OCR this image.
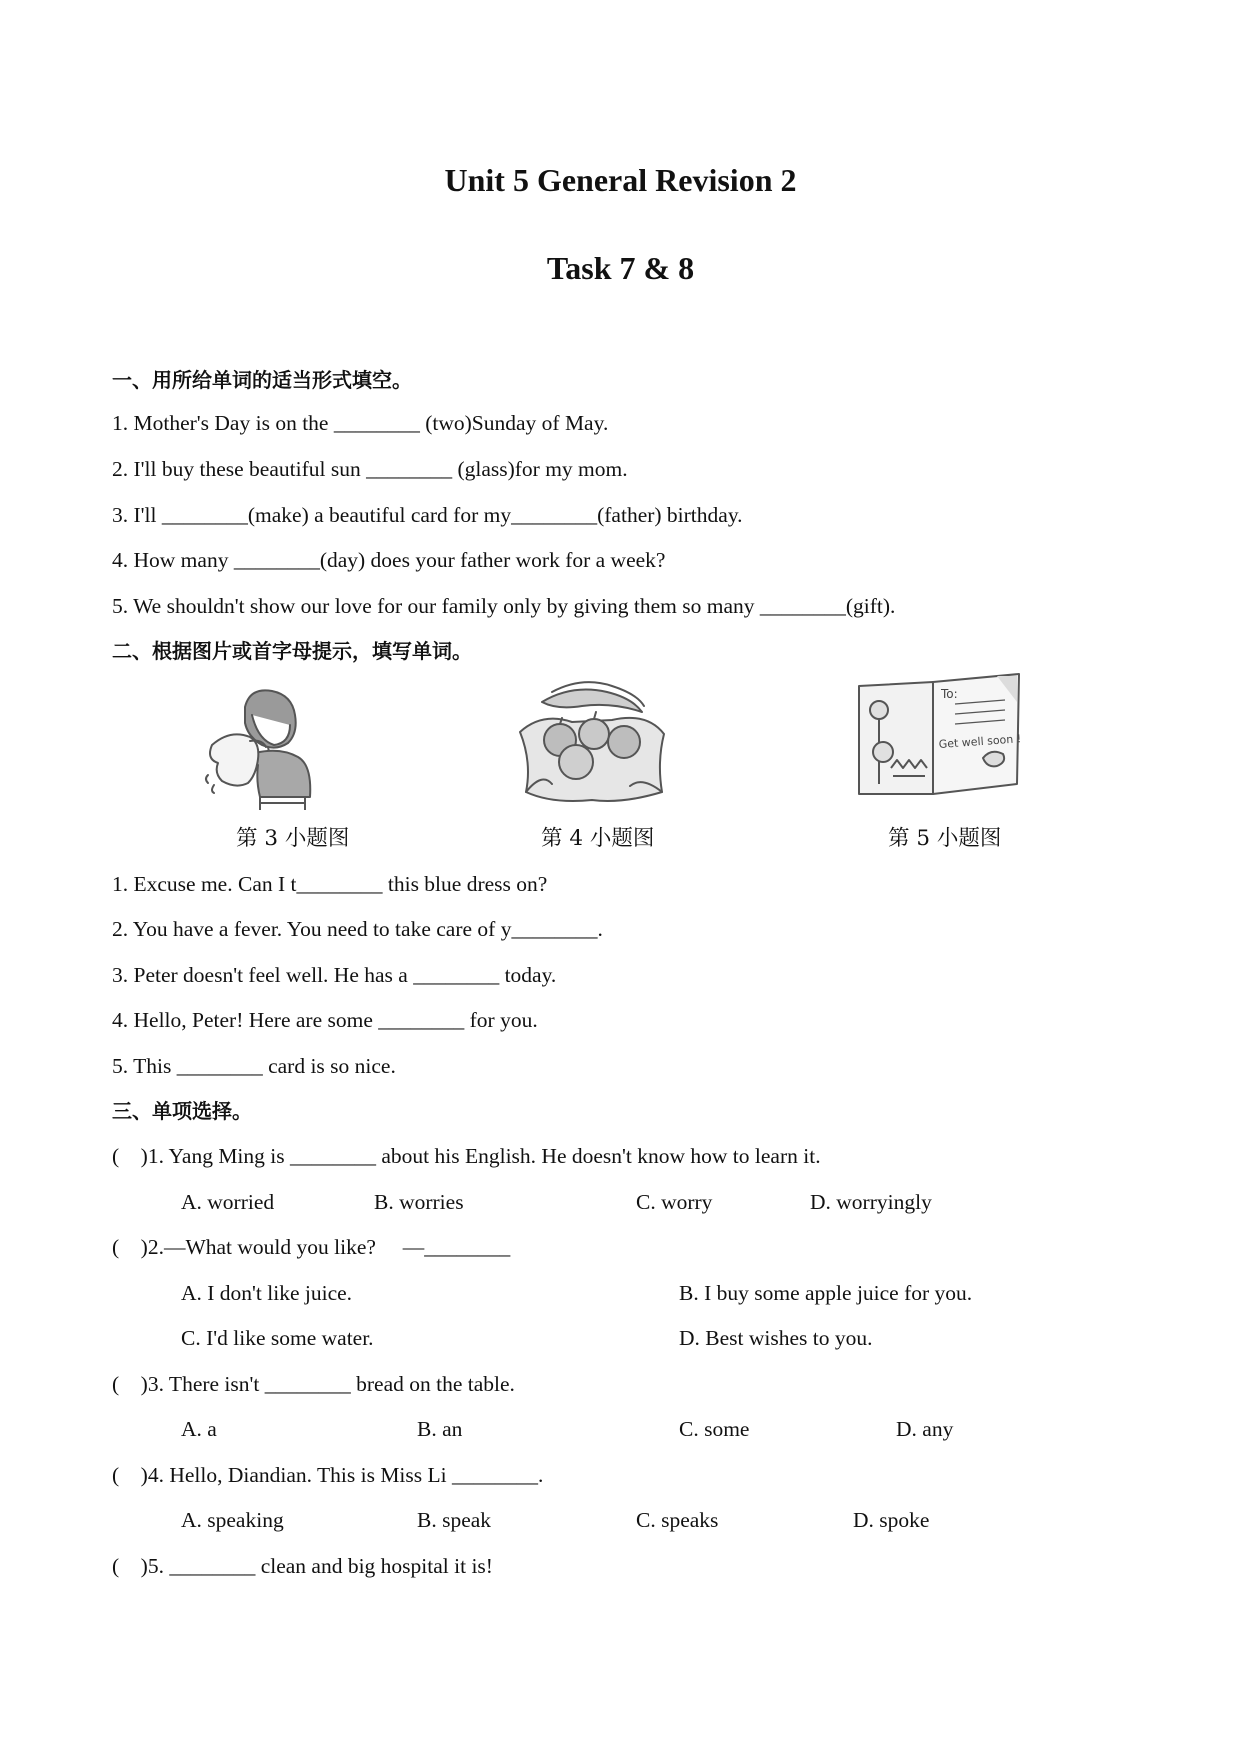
Unit 5 General Revision 2
Task 7 & 8
一、用所给单词的适当形式填空。
1. Mother's Day is on the ________ (two)Sunday of May.
2. I'll buy these beautiful sun ________ (glass)for my mom.
3. I'll ________(make) a beautiful card for my________(father) birthday.
4. How many ________(day) does your father work for a week?
5. We shouldn't show our love for our family only by giving them so many ________(gift).
二、根据图片或首字母提示，填写单词。
To:
Get well soon !
第 3 小题图	第 4 小题图	第 5 小题图
1. Excuse me. Can I t________ this blue dress on?
2. You have a fever. You need to take care of y________.
3. Peter doesn't feel well. He has a ________ today.
4. Hello, Peter! Here are some ________ for you.
5. This ________ card is so nice.
三、单项选择。
(    )1. Yang Ming is ________ about his English. He doesn't know how to learn it.
A. worried	B. worries	C. worry	D. worryingly
(    )2.—What would you like?     —________
A. I don't like juice.	B. I buy some apple juice for you.
C. I'd like some water.	D. Best wishes to you.
(    )3. There isn't ________ bread on the table.
A. a	B. an	C. some	D. any
(    )4. Hello, Diandian. This is Miss Li ________.
A. speaking	B. speak	C. speaks	D. spoke
(    )5. ________ clean and big hospital it is!
